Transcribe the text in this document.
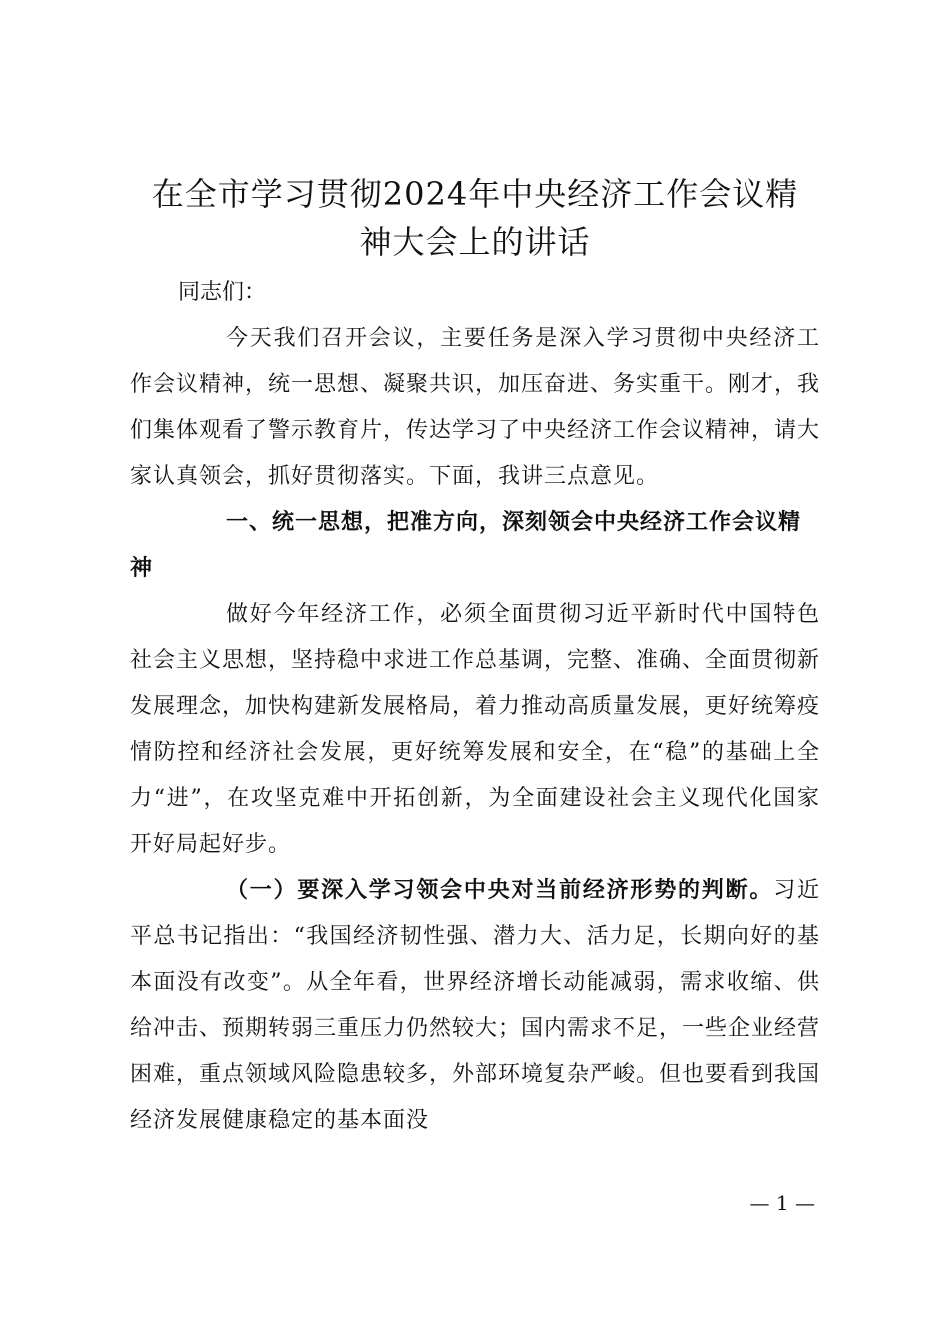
在全市学习贯彻2024年中央经济工作会议精
神大会上的讲话

同志们：

今天我们召开会议，主要任务是深入学习贯彻中央经济工作会议精神，统一思想、凝聚共识，加压奋进、务实重干。刚才，我们集体观看了警示教育片，传达学习了中央经济工作会议精神，请大家认真领会，抓好贯彻落实。下面，我讲三点意见。

一、统一思想，把准方向，深刻领会中央经济工作会议精神

做好今年经济工作，必须全面贯彻习近平新时代中国特色社会主义思想，坚持稳中求进工作总基调，完整、准确、全面贯彻新发展理念，加快构建新发展格局，着力推动高质量发展，更好统筹疫情防控和经济社会发展，更好统筹发展和安全，在“稳”的基础上全力“进”，在攻坚克难中开拓创新，为全面建设社会主义现代化国家开好局起好步。

（一）要深入学习领会中央对当前经济形势的判断。习近平总书记指出：“我国经济韧性强、潜力大、活力足，长期向好的基本面没有改变”。从全年看，世界经济增长动能减弱，需求收缩、供给冲击、预期转弱三重压力仍然较大；国内需求不足，一些企业经营困难，重点领域风险隐患较多，外部环境复杂严峻。但也要看到我国经济发展健康稳定的基本面没

— 1 —
